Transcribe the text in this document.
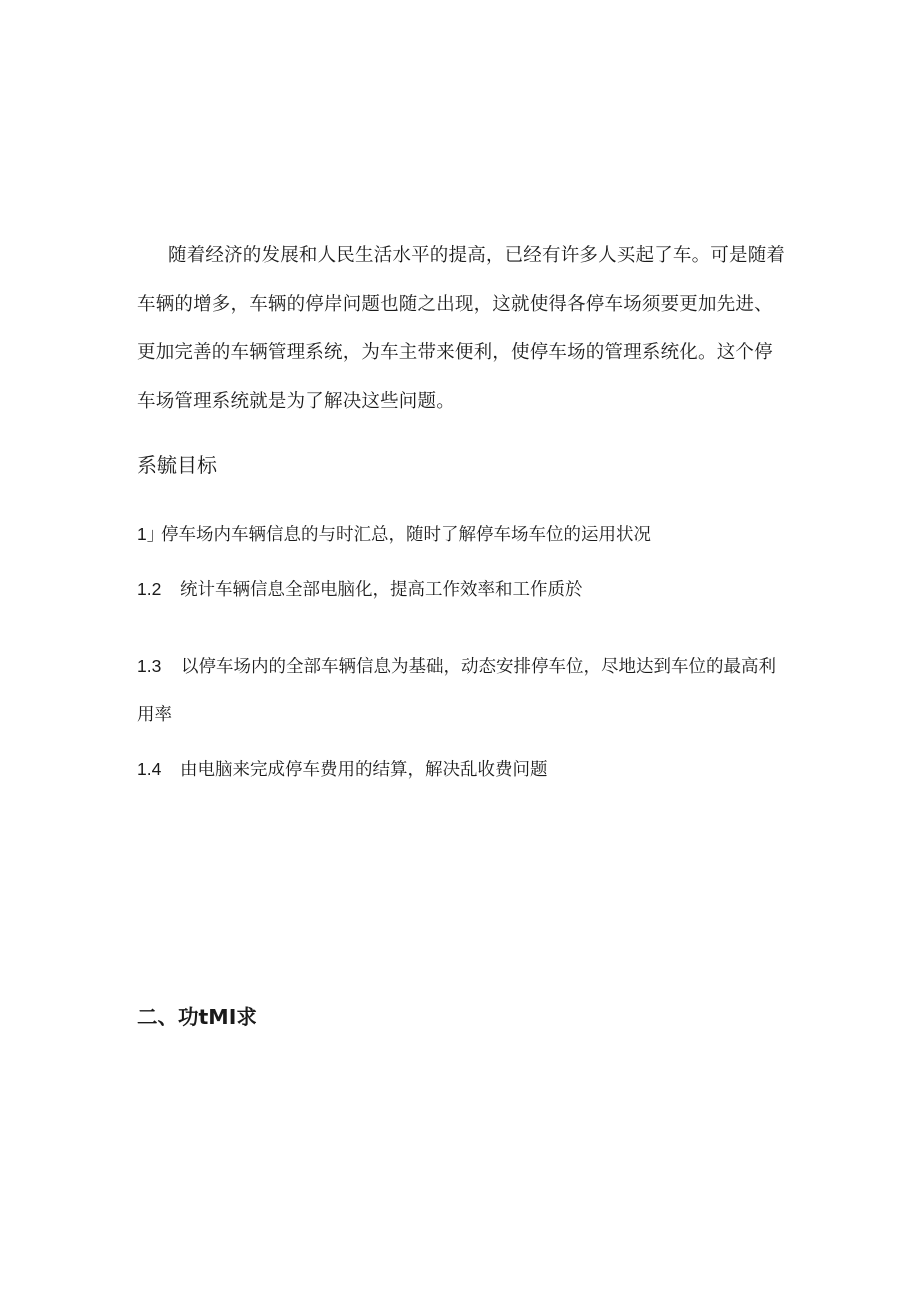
随着经济的发展和人民生活水平的提高，已经有许多人买起了车。可是随着车辆的增多，车辆的停岸问题也随之出现，这就使得各停车场须要更加先进、更加完善的车辆管理系统，为车主带来便利，使停车场的管理系统化。这个停车场管理系统就是为了解决这些问题。

系毓目标

1」停车场内车辆信息的与时汇总，随时了解停车场车位的运用状况

1.2 统计车辆信息全部电脑化，提高工作效率和工作质於

1.3 以停车场内的全部车辆信息为基础，动态安排停车位，尽地达到车位的最高利用率

1.4 由电脑来完成停车费用的结算，解决乱收费问题

二、功tMI求
